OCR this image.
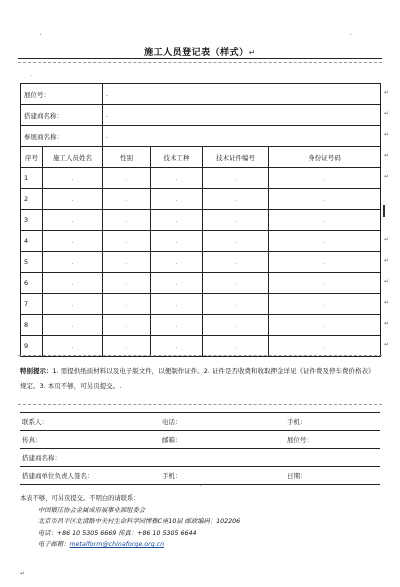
'	'
施工人员登记表（样式）↵
.
展位号：		.			
搭建商名称：		.			
参展商名称：		.			
序号	施工人员姓名	性别	技术工种	技术证件编号	身份证号码
1	.	.	.	.	.
2	.	.	.	.	.
3	.	.	.	.	.
4	.	.	.	.	.
5	.	.	.	.	.
6	.	.	.	.	.
7	.	.	.	.	.
8	.	.	.	.	.
9	.	.	.	.	.
↵
↵
↵
↵
↵
↵
↵
↵
↵
↵
↵
特别提示：1. 需提供纸质材料以及电子版文件，以便制作证件。2. 证件是否收费和收取押金详见《证件费及停车费价格表》规定。3. 本页不够，可另页提交。.
联系人：	电话：	手机：
传真：	邮箱：	展位号：
搭建商名称：		
搭建商单位负责人签名：	手机：	日期：
'
本表不够，可另页提交。不明白的请联系：
中国锻压协会金属成形展事业部组委会
北京市昌平区北清路中关村生命科学园博雅C座10层 邮政编码：102206
电话：+86 10 5305 6669 传真：+86 10 5305 6644
电子邮箱：metalform@chinaforge.org.cn
↵
